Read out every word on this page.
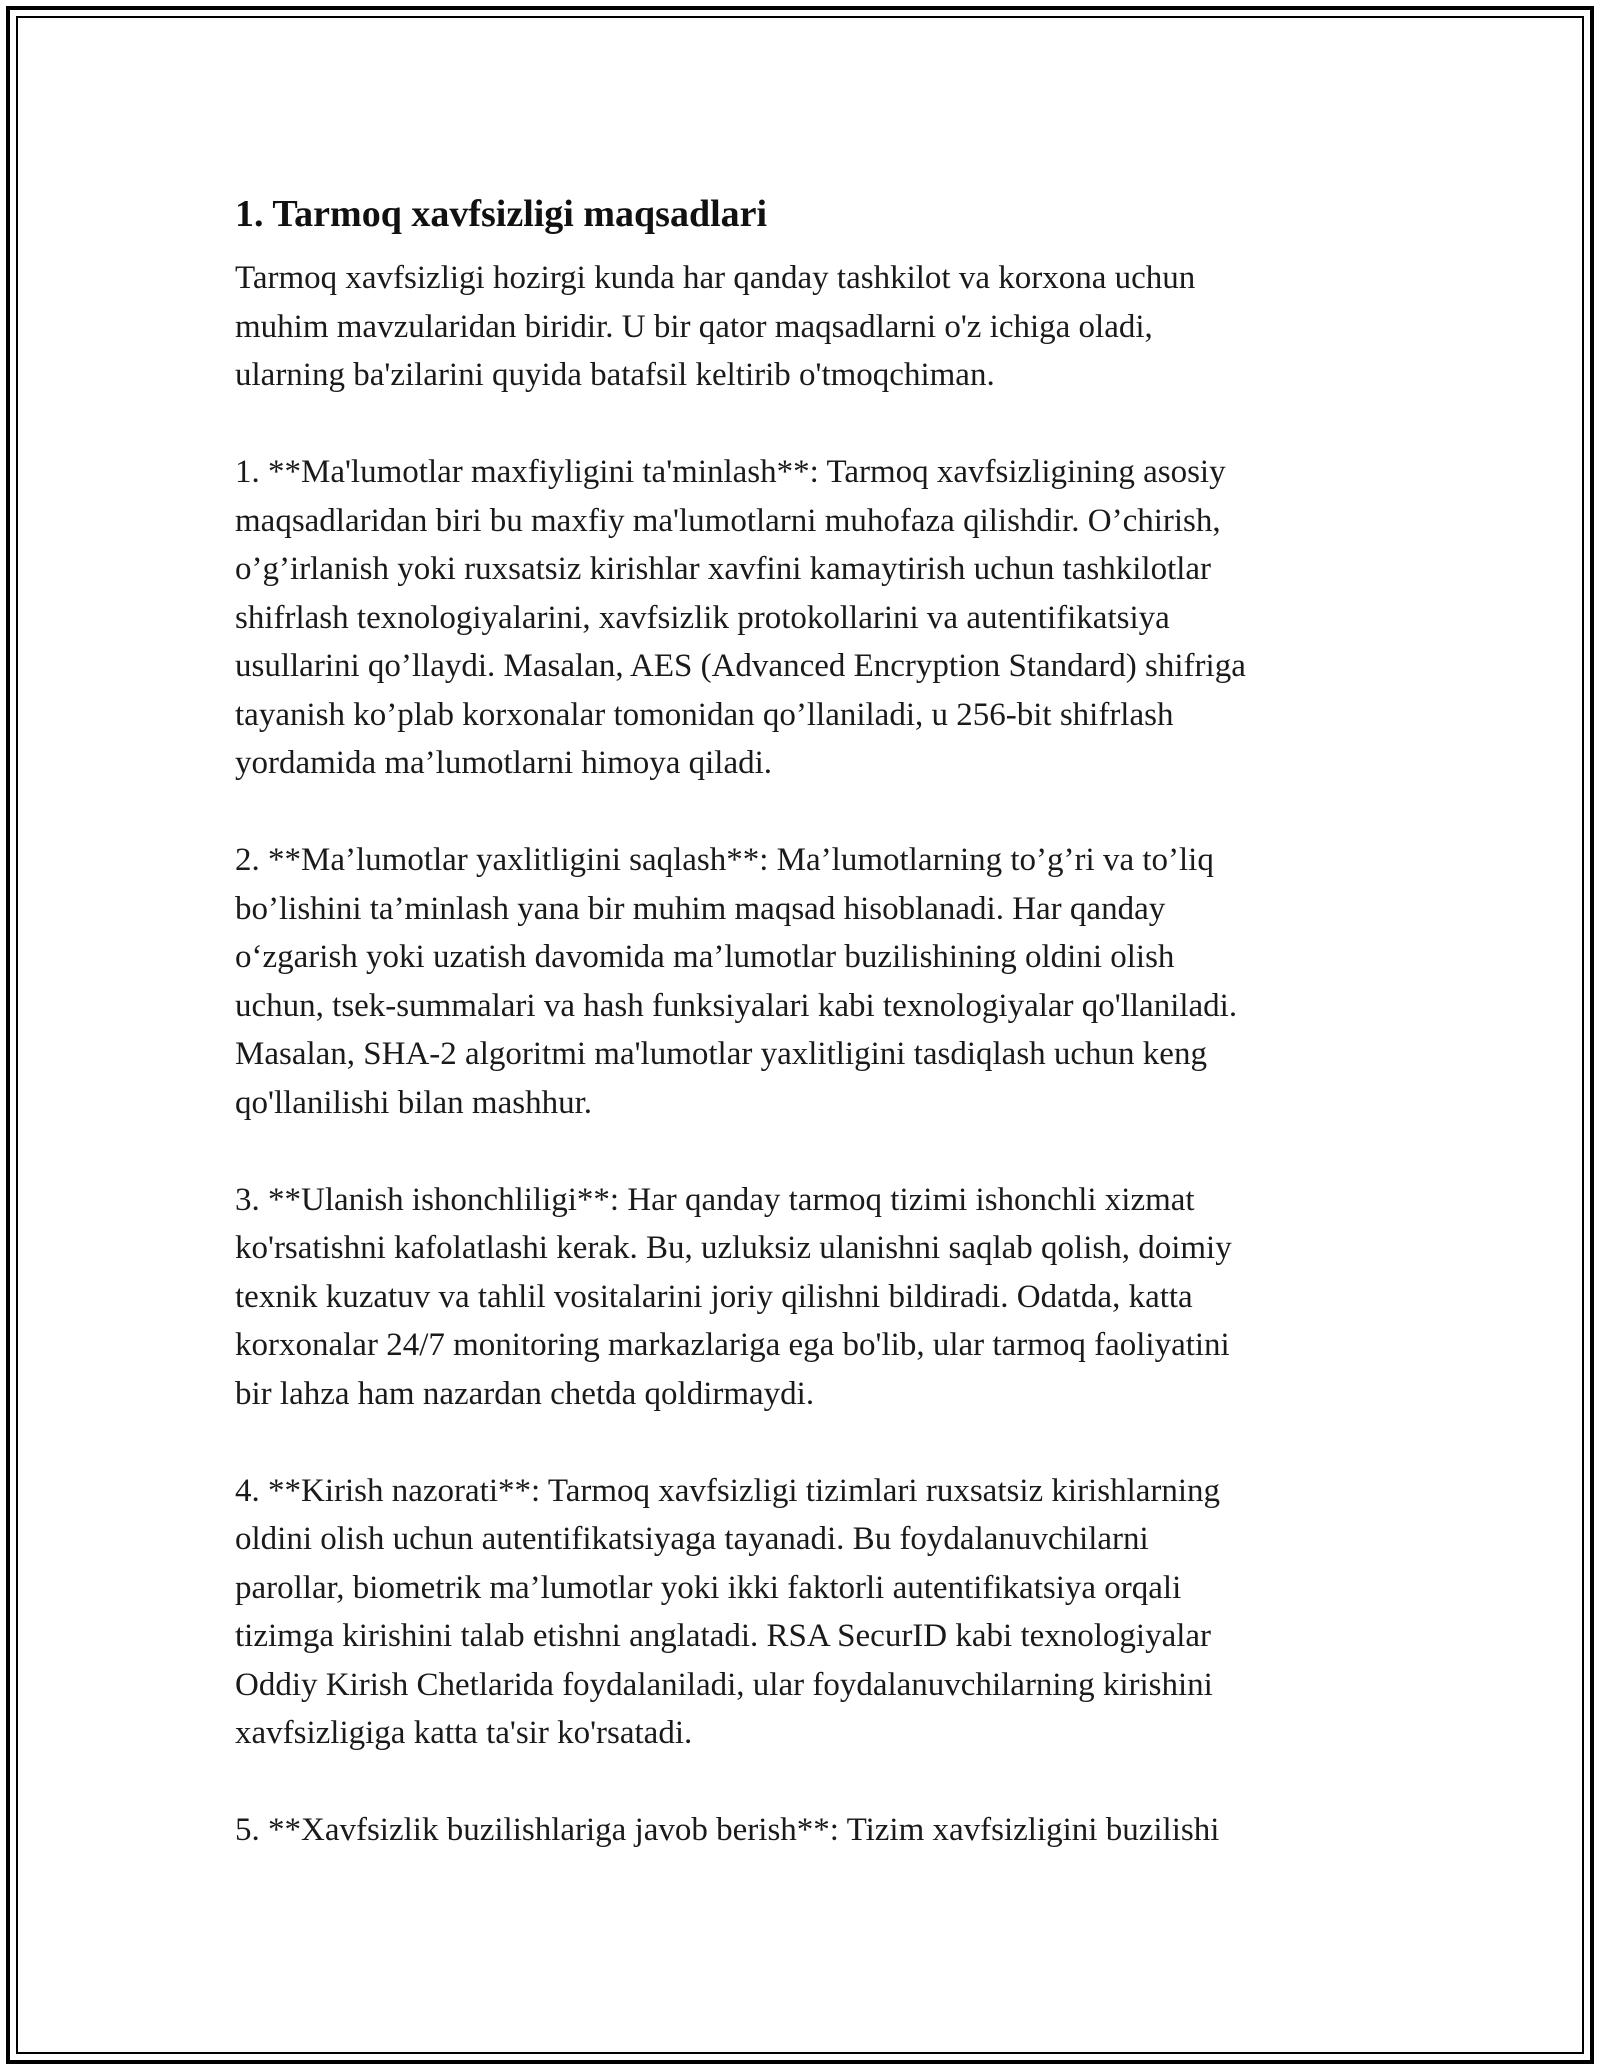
1. Tarmoq xavfsizligi maqsadlari

Tarmoq xavfsizligi hozirgi kunda har qanday tashkilot va korxona uchun
muhim mavzularidan biridir. U bir qator maqsadlarni o'z ichiga oladi,
ularning ba'zilarini quyida batafsil keltirib o'tmoqchiman.

1. **Ma'lumotlar maxfiyligini ta'minlash**: Tarmoq xavfsizligining asosiy
maqsadlaridan biri bu maxfiy ma'lumotlarni muhofaza qilishdir. O’chirish,
o’g’irlanish yoki ruxsatsiz kirishlar xavfini kamaytirish uchun tashkilotlar
shifrlash texnologiyalarini, xavfsizlik protokollarini va autentifikatsiya
usullarini qo’llaydi. Masalan, AES (Advanced Encryption Standard) shifriga
tayanish ko’plab korxonalar tomonidan qo’llaniladi, u 256-bit shifrlash
yordamida ma’lumotlarni himoya qiladi.

2. **Ma’lumotlar yaxlitligini saqlash**: Ma’lumotlarning to’g’ri va to’liq
bo’lishini ta’minlash yana bir muhim maqsad hisoblanadi. Har qanday
o‘zgarish yoki uzatish davomida ma’lumotlar buzilishining oldini olish
uchun, tsek-summalari va hash funksiyalari kabi texnologiyalar qo'llaniladi.
Masalan, SHA-2 algoritmi ma'lumotlar yaxlitligini tasdiqlash uchun keng
qo'llanilishi bilan mashhur.

3. **Ulanish ishonchliligi**: Har qanday tarmoq tizimi ishonchli xizmat
ko'rsatishni kafolatlashi kerak. Bu, uzluksiz ulanishni saqlab qolish, doimiy
texnik kuzatuv va tahlil vositalarini joriy qilishni bildiradi. Odatda, katta
korxonalar 24/7 monitoring markazlariga ega bo'lib, ular tarmoq faoliyatini
bir lahza ham nazardan chetda qoldirmaydi.

4. **Kirish nazorati**: Tarmoq xavfsizligi tizimlari ruxsatsiz kirishlarning
oldini olish uchun autentifikatsiyaga tayanadi. Bu foydalanuvchilarni
parollar, biometrik ma’lumotlar yoki ikki faktorli autentifikatsiya orqali
tizimga kirishini talab etishni anglatadi. RSA SecurID kabi texnologiyalar
Oddiy Kirish Chetlarida foydalaniladi, ular foydalanuvchilarning kirishini
xavfsizligiga katta ta'sir ko'rsatadi.

5. **Xavfsizlik buzilishlariga javob berish**: Tizim xavfsizligini buzilishi
